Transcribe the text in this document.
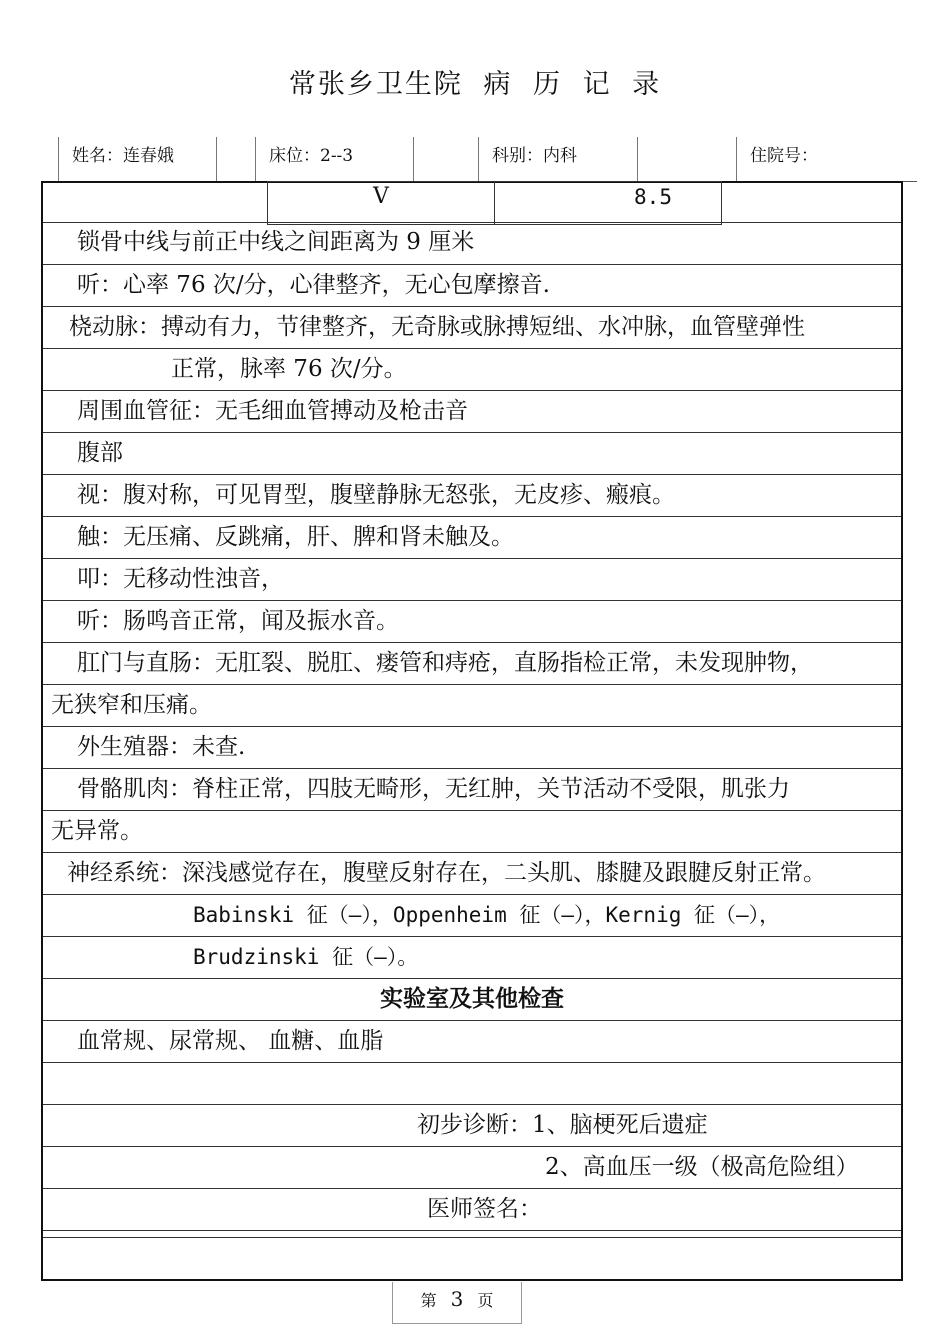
常张乡卫生院 病 历 记 录
姓名：连春娥	床位：2--3	科别：内科	住院号：
V	8.5
锁骨中线与前正中线之间距离为 9 厘米
听：心率 76 次/分，心律整齐，无心包摩擦音.
桡动脉：搏动有力，节律整齐，无奇脉或脉搏短绌、水冲脉，血管壁弹性
正常，脉率 76 次/分。
周围血管征：无毛细血管搏动及枪击音
腹部
视：腹对称，可见胃型，腹壁静脉无怒张，无皮疹、瘢痕。
触：无压痛、反跳痛，肝、脾和肾未触及。
叩：无移动性浊音，
听：肠鸣音正常，闻及振水音。
肛门与直肠：无肛裂、脱肛、瘘管和痔疮，直肠指检正常，未发现肿物，
无狭窄和压痛。
外生殖器：未查.
骨骼肌肉：脊柱正常，四肢无畸形，无红肿，关节活动不受限，肌张力
无异常。
神经系统：深浅感觉存在，腹壁反射存在，二头肌、膝腱及跟腱反射正常。
Babinski 征（—），Oppenheim 征（—），Kernig 征（—），
Brudzinski 征（—）。
实验室及其他检查
血常规、尿常规、 血糖、血脂
初步诊断：1、脑梗死后遗症
2、高血压一级（极高危险组）
医师签名：
第 3 页
